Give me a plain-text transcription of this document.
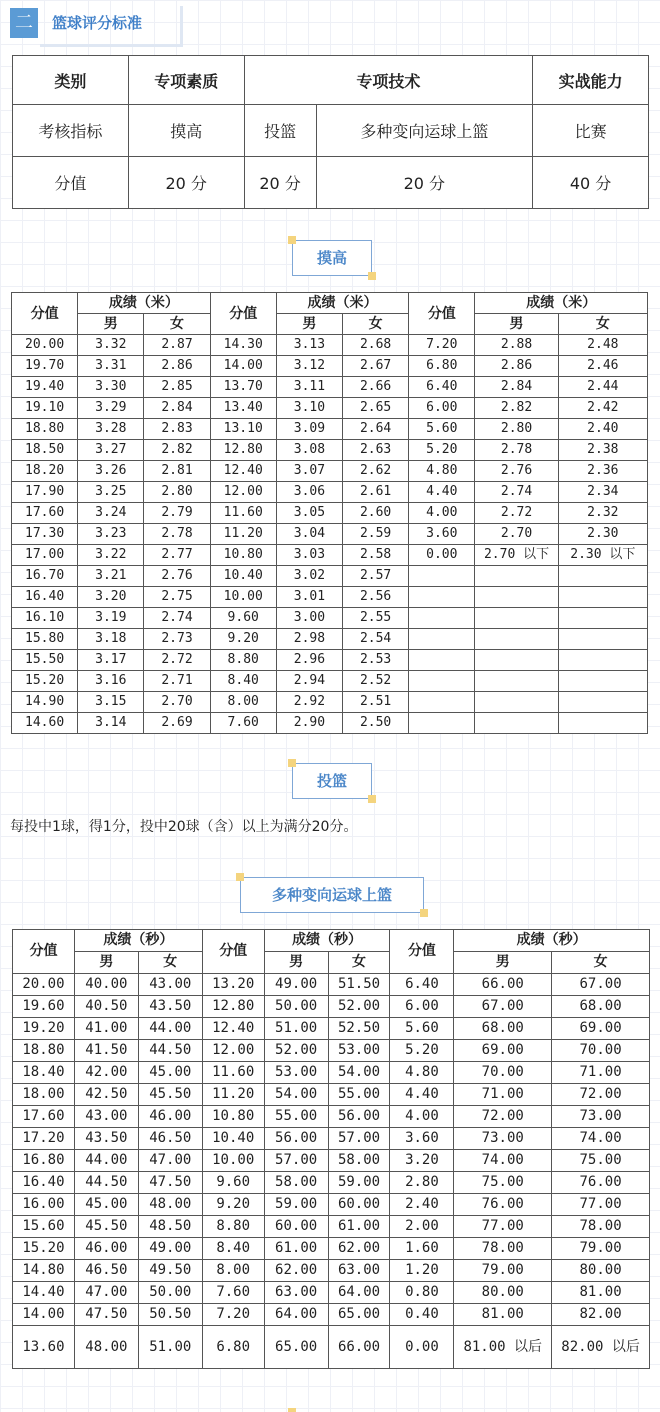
二	篮球评分标准
类别	专项素质	专项技术		实战能力
考核指标	摸高	投篮	多种变向运球上篮	比赛
分值	20 分	20 分	20 分	40 分
摸高
分值	成绩（米）		分值	成绩（米）		分值	成绩（米）	
	男	女		男	女		男	女
20.00	3.32	2.87	14.30	3.13	2.68	7.20	2.88	2.48
19.70	3.31	2.86	14.00	3.12	2.67	6.80	2.86	2.46
19.40	3.30	2.85	13.70	3.11	2.66	6.40	2.84	2.44
19.10	3.29	2.84	13.40	3.10	2.65	6.00	2.82	2.42
18.80	3.28	2.83	13.10	3.09	2.64	5.60	2.80	2.40
18.50	3.27	2.82	12.80	3.08	2.63	5.20	2.78	2.38
18.20	3.26	2.81	12.40	3.07	2.62	4.80	2.76	2.36
17.90	3.25	2.80	12.00	3.06	2.61	4.40	2.74	2.34
17.60	3.24	2.79	11.60	3.05	2.60	4.00	2.72	2.32
17.30	3.23	2.78	11.20	3.04	2.59	3.60	2.70	2.30
17.00	3.22	2.77	10.80	3.03	2.58	0.00	2.70 以下	2.30 以下
16.70	3.21	2.76	10.40	3.02	2.57			
16.40	3.20	2.75	10.00	3.01	2.56			
16.10	3.19	2.74	9.60	3.00	2.55			
15.80	3.18	2.73	9.20	2.98	2.54			
15.50	3.17	2.72	8.80	2.96	2.53			
15.20	3.16	2.71	8.40	2.94	2.52			
14.90	3.15	2.70	8.00	2.92	2.51			
14.60	3.14	2.69	7.60	2.90	2.50			
投篮
每投中1球，得1分，投中20球（含）以上为满分20分。
多种变向运球上篮
分值	成绩（秒）		分值	成绩（秒）		分值	成绩（秒）	
	男	女		男	女		男	女
20.00	40.00	43.00	13.20	49.00	51.50	6.40	66.00	67.00
19.60	40.50	43.50	12.80	50.00	52.00	6.00	67.00	68.00
19.20	41.00	44.00	12.40	51.00	52.50	5.60	68.00	69.00
18.80	41.50	44.50	12.00	52.00	53.00	5.20	69.00	70.00
18.40	42.00	45.00	11.60	53.00	54.00	4.80	70.00	71.00
18.00	42.50	45.50	11.20	54.00	55.00	4.40	71.00	72.00
17.60	43.00	46.00	10.80	55.00	56.00	4.00	72.00	73.00
17.20	43.50	46.50	10.40	56.00	57.00	3.60	73.00	74.00
16.80	44.00	47.00	10.00	57.00	58.00	3.20	74.00	75.00
16.40	44.50	47.50	9.60	58.00	59.00	2.80	75.00	76.00
16.00	45.00	48.00	9.20	59.00	60.00	2.40	76.00	77.00
15.60	45.50	48.50	8.80	60.00	61.00	2.00	77.00	78.00
15.20	46.00	49.00	8.40	61.00	62.00	1.60	78.00	79.00
14.80	46.50	49.50	8.00	62.00	63.00	1.20	79.00	80.00
14.40	47.00	50.00	7.60	63.00	64.00	0.80	80.00	81.00
14.00	47.50	50.50	7.20	64.00	65.00	0.40	81.00	82.00
13.60	48.00	51.00	6.80	65.00	66.00	0.00	81.00 以后	82.00 以后
